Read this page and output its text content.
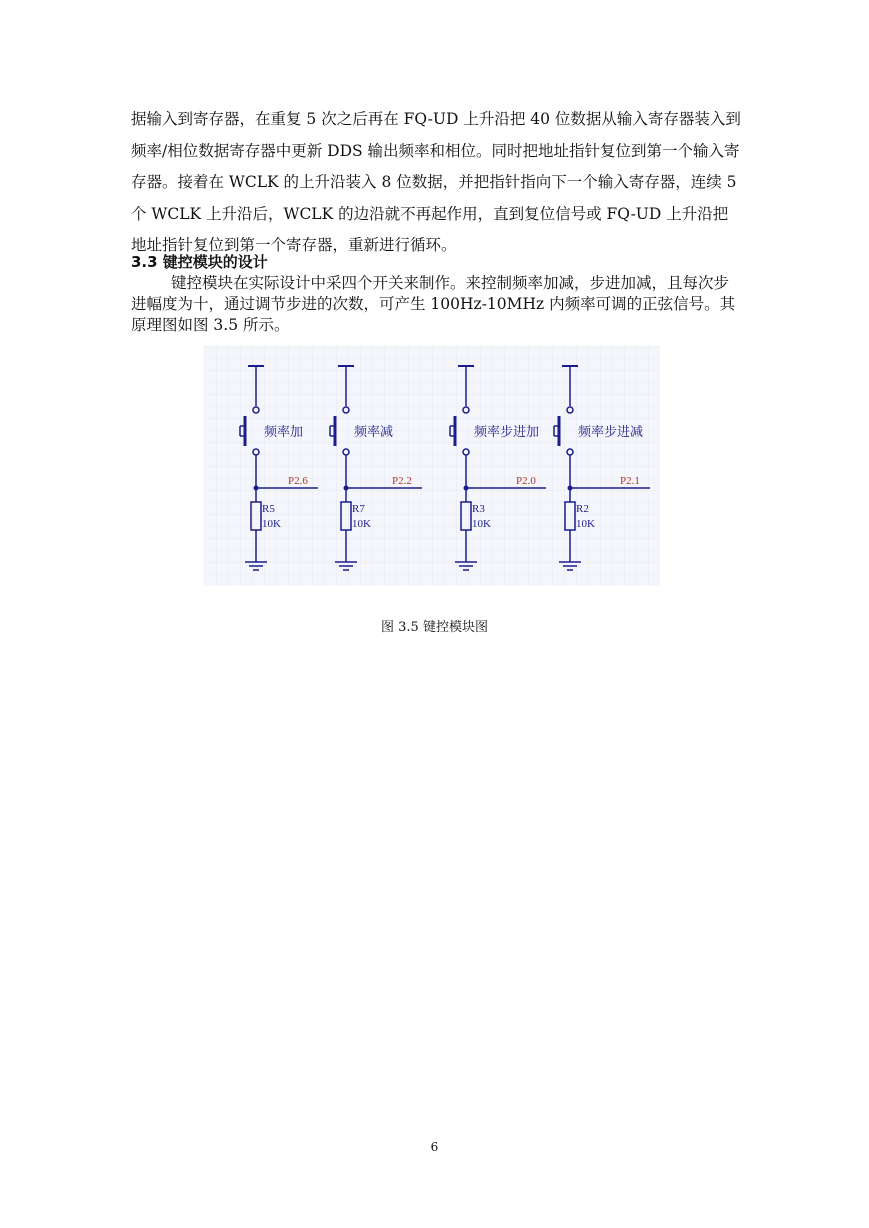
据输入到寄存器，在重复 5 次之后再在 FQ-UD 上升沿把 40 位数据从输入寄存器装入到频率/相位数据寄存器中更新 DDS 输出频率和相位。同时把地址指针复位到第一个输入寄存器。接着在 WCLK 的上升沿装入 8 位数据，并把指针指向下一个输入寄存器，连续 5 个 WCLK 上升沿后，WCLK 的边沿就不再起作用，直到复位信号或 FQ-UD 上升沿把地址指针复位到第一个寄存器，重新进行循环。
3.3 键控模块的设计
键控模块在实际设计中采四个开关来制作。来控制频率加减，步进加减，且每次步进幅度为十，通过调节步进的次数，可产生 100Hz-10MHz 内频率可调的正弦信号。其原理图如图 3.5 所示。
频率加
P2.6
R5
10K
频率减
P2.2
R7
10K
频率步进加
P2.0
R3
10K
频率步进减
P2.1
R2
10K
图 3.5 键控模块图
6
